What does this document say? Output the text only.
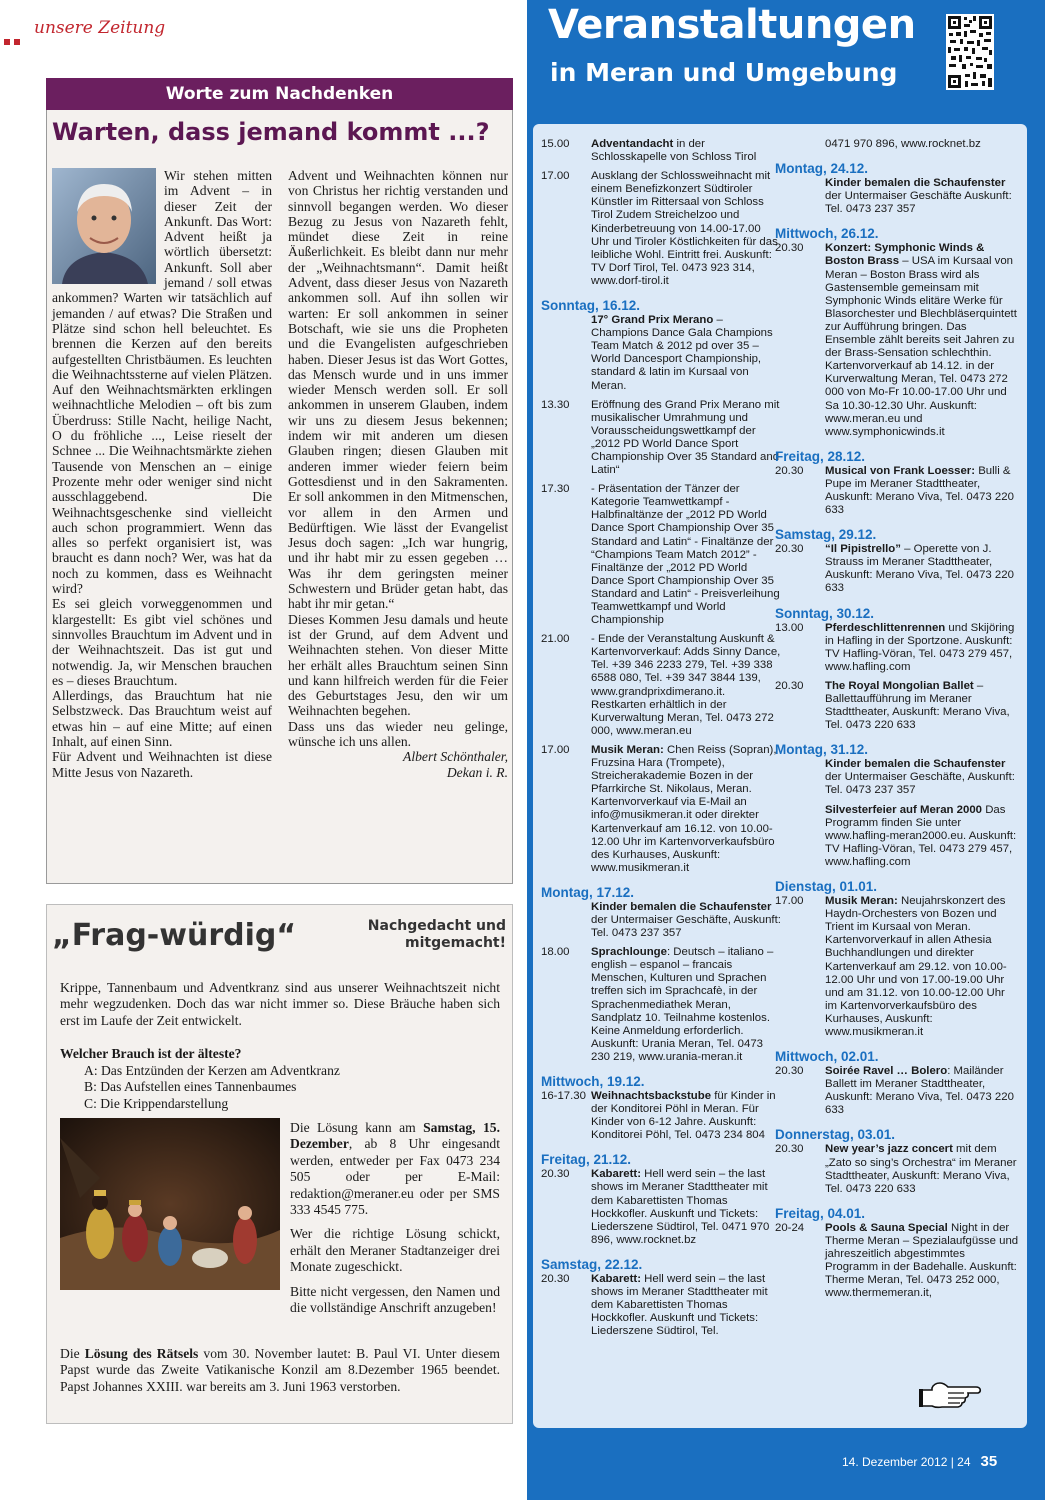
unsere Zeitung
Worte zum Nachdenken
Warten, dass jemand kommt ...?

Wir stehen mitten im Advent – in dieser Zeit der Ankunft. Das Wort: Advent heißt ja wörtlich übersetzt: Ankunft. Soll aber jemand / soll etwas ankommen? Warten wir tatsächlich auf jemanden / auf etwas? Die Straßen und Plätze sind schon hell beleuchtet. Es brennen die Kerzen auf den bereits aufgestellten Christbäumen. Es leuchten die Weihnachtssterne auf vielen Plätzen. Auf den Weihnachtsmärkten erklingen weihnachtliche Melodien – oft bis zum Überdruss: Stille Nacht, heilige Nacht, O du fröhliche ..., Leise rieselt der Schnee ... Die Weihnachtsmärkte ziehen Tausende von Menschen an – einige Prozente mehr oder weniger sind nicht ausschlaggebend. Die Weihnachtsgeschenke sind vielleicht auch schon programmiert. Wenn das alles so perfekt organisiert ist, was braucht es dann noch? Wer, was hat da noch zu kommen, dass es Weihnacht wird?

Es sei gleich vorweggenommen und klargestellt: Es gibt viel schönes und sinnvolles Brauchtum im Advent und in der Weihnachtszeit. Das ist gut und notwendig. Ja, wir Menschen brauchen es – dieses Brauchtum.

Allerdings, das Brauchtum hat nie Selbstzweck. Das Brauchtum weist auf etwas hin – auf eine Mitte; auf einen Inhalt, auf einen Sinn.

Für Advent und Weihnachten ist diese Mitte Jesus von Nazareth.

Advent und Weihnachten können nur von Christus her richtig verstanden und sinnvoll begangen werden. Wo dieser Bezug zu Jesus von Nazareth fehlt, mündet diese Zeit in reine Äußerlichkeit. Es bleibt dann nur mehr der „Weihnachtsmann“. Damit heißt Advent, dass dieser Jesus von Nazareth ankommen soll. Auf ihn sollen wir warten: Er soll ankommen in seiner Botschaft, wie sie uns die Propheten und die Evangelisten aufgeschrieben haben. Dieser Jesus ist das Wort Gottes, das Mensch wurde und in uns immer wieder Mensch werden soll. Er soll ankommen in unserem Glauben, indem wir uns zu diesem Jesus bekennen; indem wir mit anderen um diesen Glauben ringen; diesen Glauben mit anderen immer wieder feiern beim Gottesdienst und in den Sakramenten. Er soll ankommen in den Mitmenschen, vor allem in den Armen und Bedürftigen. Wie lässt der Evangelist Jesus doch sagen: „Ich war hungrig, und ihr habt mir zu essen gegeben … Was ihr dem geringsten meiner Schwestern und Brüder getan habt, das habt ihr mir getan.“

Dieses Kommen Jesu damals und heute ist der Grund, auf dem Advent und Weihnachten stehen. Von dieser Mitte her erhält alles Brauchtum seinen Sinn und kann hilfreich werden für die Feier des Geburtstages Jesu, den wir um Weihnachten begehen.

Dass uns das wieder neu gelinge, wünsche ich uns allen.

Albert Schönthaler,

Dekan i. R.

„Frag-würdig“	Nachgedacht und
mitgemacht!
Krippe, Tannenbaum und Adventkranz sind aus unserer Weihnachtszeit nicht mehr wegzudenken. Doch das war nicht immer so. Diese Bräuche haben sich erst im Laufe der Zeit entwickelt.
Welcher Brauch ist der älteste?
A: Das Entzünden der Kerzen am Adventkranz
B: Das Aufstellen eines Tannenbaumes
C: Die Krippendarstellung

Die Lösung kann am Samstag, 15. Dezember, ab 8 Uhr eingesandt werden, entweder per Fax 0473 234 505 oder per E-Mail: redaktion@meraner.eu oder per SMS 333 4545 775.

Wer die richtige Lösung schickt, erhält den Meraner Stadtanzeiger drei Monate zugeschickt.

Bitte nicht vergessen, den Namen und die vollständige Anschrift anzugeben!

Die Lösung des Rätsels vom 30. November lautet: B. Paul VI. Unter diesem Papst wurde das Zweite Vatikanische Konzil am 8.Dezember 1965 beendet. Papst Johannes XXIII. war bereits am 3. Juni 1963 verstorben.
Veranstaltungen
in Meran und Umgebung
15.00	Adventandacht in der Schlosskapelle von Schloss Tirol
17.00	Ausklang der Schlossweihnacht mit einem Benefizkonzert Südtiroler Künstler im Rittersaal von Schloss Tirol Zudem Streichelzoo und Kinderbetreuung von 14.00-17.00 Uhr und Tiroler Köstlichkeiten für das leibliche Wohl. Eintritt frei. Auskunft: TV Dorf Tirol, Tel. 0473 923 314, www.dorf-tirol.it
Sonntag, 16.12.
17° Grand Prix Merano – Champions Dance Gala Champions Team Match & 2012 pd over 35 – World Dancesport Championship, standard & latin im Kursaal von Meran.
13.30	Eröffnung des Grand Prix Merano mit musikalischer Umrahmung und Vorausscheidungswettkampf der „2012 PD World Dance Sport Championship Over 35 Standard and Latin“
17.30	- Präsentation der Tänzer der Kategorie Teamwettkampf - Halbfinaltänze der „2012 PD World Dance Sport Championship Over 35 Standard and Latin“ - Finaltänze der “Champions Team Match 2012” - Finaltänze der „2012 PD World Dance Sport Championship Over 35 Standard and Latin“ - Preisverleihung Teamwettkampf und World Championship
21.00	- Ende der Veranstaltung Auskunft & Kartenvorverkauf: Adds Sinny Dance, Tel. +39 346 2233 279, Tel. +39 338 6588 080, Tel. +39 347 3844 139, www.grandprixdimerano.it. Restkarten erhältlich in der Kurverwaltung Meran, Tel. 0473 272 000, www.meran.eu
17.00	Musik Meran: Chen Reiss (Sopran), Fruzsina Hara (Trompete), Streicherakademie Bozen in der Pfarrkirche St. Nikolaus, Meran. Kartenvorverkauf via E-Mail an info@musikmeran.it oder direkter Kartenverkauf am 16.12. von 10.00-12.00 Uhr im Kartenvorverkaufsbüro des Kurhauses, Auskunft: www.musikmeran.it
Montag, 17.12.
Kinder bemalen die Schaufenster der Untermaiser Geschäfte, Auskunft: Tel. 0473 237 357
18.00	Sprachlounge: Deutsch – italiano – english – espanol – francais Menschen, Kulturen und Sprachen treffen sich im Sprachcafè, in der Sprachenmediathek Meran, Sandplatz 10. Teilnahme kostenlos. Keine Anmeldung erforderlich. Auskunft: Urania Meran, Tel. 0473 230 219, www.urania-meran.it
Mittwoch, 19.12.
16-17.30 Weihnachtsbackstube für Kinder in der Konditorei Pöhl in Meran. Für Kinder von 6-12 Jahre. Auskunft: Konditorei Pöhl, Tel. 0473 234 804
Freitag, 21.12.
20.30	Kabarett: Hell werd sein – the last shows im Meraner Stadttheater mit dem Kabarettisten Thomas Hockkofler. Auskunft und Tickets: Liederszene Südtirol, Tel. 0471 970 896, www.rocknet.bz
Samstag, 22.12.
20.30	Kabarett: Hell werd sein – the last shows im Meraner Stadttheater mit dem Kabarettisten Thomas Hockkofler. Auskunft und Tickets: Liederszene Südtirol, Tel.
0471 970 896, www.rocknet.bz
Montag, 24.12.
Kinder bemalen die Schaufenster der Untermaiser Geschäfte Auskunft: Tel. 0473 237 357
Mittwoch, 26.12.
20.30	Konzert: Symphonic Winds & Boston Brass – USA im Kursaal von Meran – Boston Brass wird als Gastensemble gemeinsam mit Symphonic Winds elitäre Werke für Blasorchester und Blechbläserquintett zur Aufführung bringen. Das Ensemble zählt bereits seit Jahren zu der Brass-Sensation schlechthin. Kartenvorverkauf ab 14.12. in der Kurverwaltung Meran, Tel. 0473 272 000 von Mo-Fr 10.00-17.00 Uhr und Sa 10.30-12.30 Uhr. Auskunft: www.meran.eu und www.symphonicwinds.it
Freitag, 28.12.
20.30	Musical von Frank Loesser: Bulli & Pupe im Meraner Stadttheater, Auskunft: Merano Viva, Tel. 0473 220 633
Samstag, 29.12.
20.30	“Il Pipistrello” – Operette von J. Strauss im Meraner Stadttheater, Auskunft: Merano Viva, Tel. 0473 220 633
Sonntag, 30.12.
13.00	Pferdeschlittenrennen und Skijöring in Hafling in der Sportzone. Auskunft: TV Hafling-Vöran, Tel. 0473 279 457, www.hafling.com
20.30	The Royal Mongolian Ballet – Ballettaufführung im Meraner Stadttheater, Auskunft: Merano Viva, Tel. 0473 220 633
Montag, 31.12.
Kinder bemalen die Schaufenster der Untermaiser Geschäfte, Auskunft: Tel. 0473 237 357
Silvesterfeier auf Meran 2000 Das Programm finden Sie unter www.hafling-meran2000.eu. Auskunft: TV Hafling-Vöran, Tel. 0473 279 457, www.hafling.com
Dienstag, 01.01.
17.00	Musik Meran: Neujahrskonzert des Haydn-Orchesters von Bozen und Trient im Kursaal von Meran. Kartenvorverkauf in allen Athesia Buchhandlungen und direkter Kartenverkauf am 29.12. von 10.00-12.00 Uhr und von 17.00-19.00 Uhr und am 31.12. von 10.00-12.00 Uhr im Kartenvorverkaufsbüro des Kurhauses, Auskunft: www.musikmeran.it
Mittwoch, 02.01.
20.30	Soirée Ravel … Bolero: Mailänder Ballett im Meraner Stadttheater, Auskunft: Merano Viva, Tel. 0473 220 633
Donnerstag, 03.01.
20.30	New year’s jazz concert mit dem „Zato so sing’s Orchestra“ im Meraner Stadttheater, Auskunft: Merano Viva, Tel. 0473 220 633
Freitag, 04.01.
20-24	Pools & Sauna Special Night in der Therme Meran – Spezialaufgüsse und jahreszeitlich abgestimmtes Programm in der Badehalle. Auskunft: Therme Meran, Tel. 0473 252 000, www.thermemeran.it,
14. Dezember 2012 | 24 35
